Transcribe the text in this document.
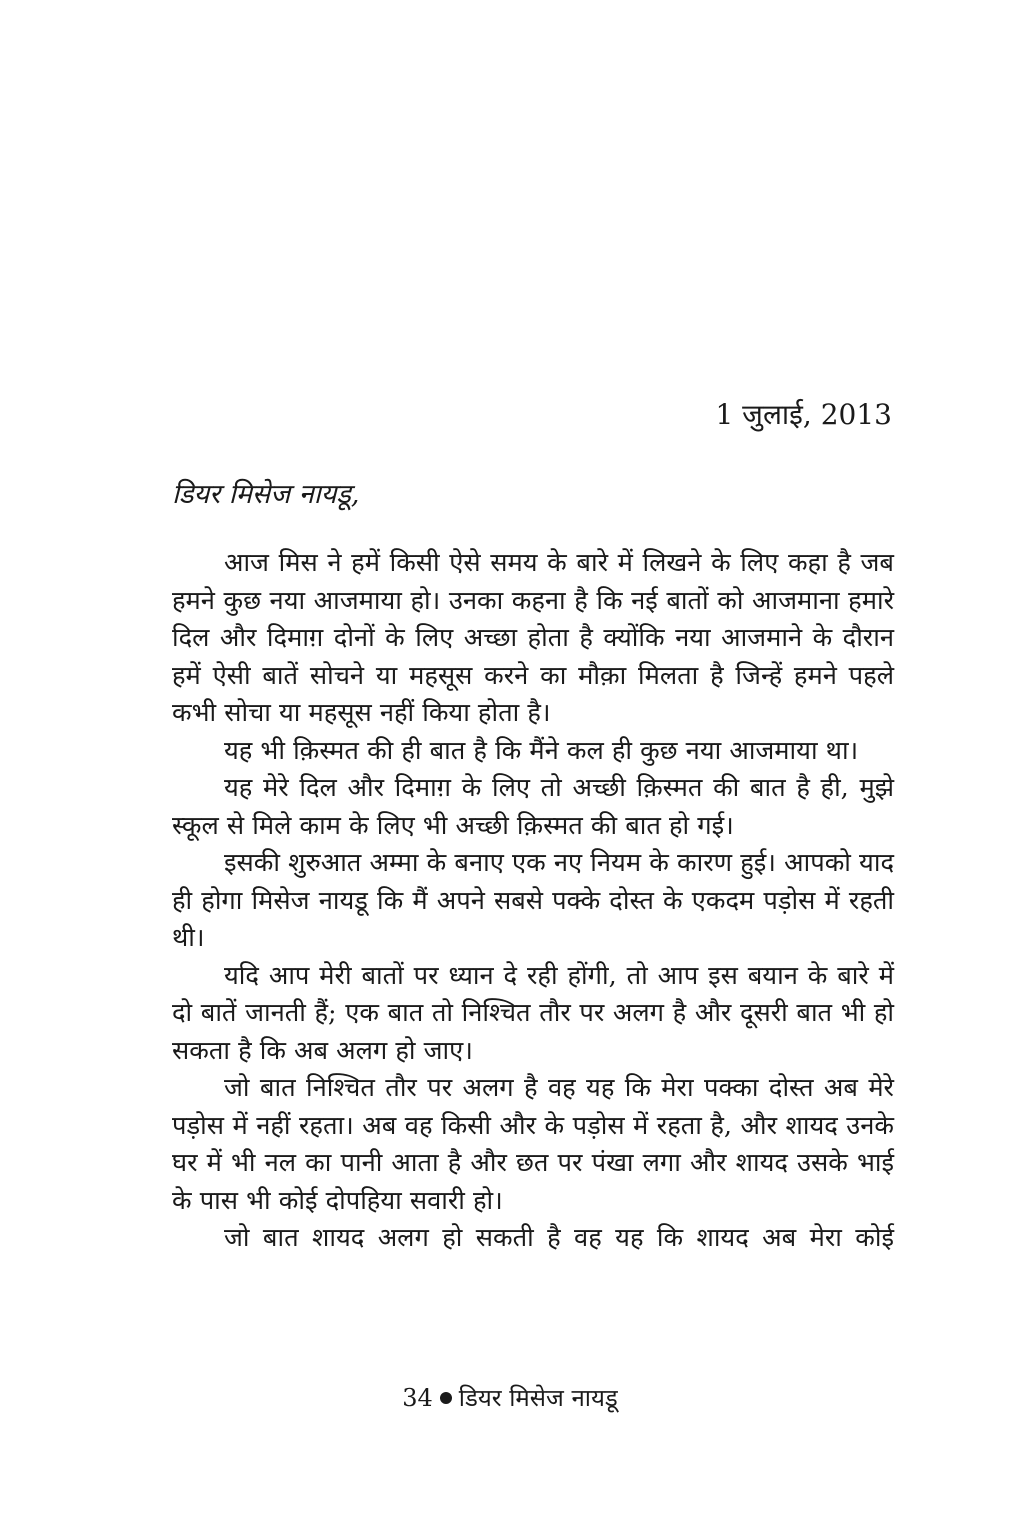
1 जुलाई, 2013
डियर मिसेज नायडू,

आज मिस ने हमें किसी ऐसे समय के बारे में लिखने के लिए कहा है जब हमने कुछ नया आजमाया हो। उनका कहना है कि नई बातों को आजमाना हमारे दिल और दिमाग़ दोनों के लिए अच्छा होता है क्योंकि नया आजमाने के दौरान हमें ऐसी बातें सोचने या महसूस करने का मौक़ा मिलता है जिन्हें हमने पहले कभी सोचा या महसूस नहीं किया होता है।

यह भी क़िस्मत की ही बात है कि मैंने कल ही कुछ नया आजमाया था।

यह मेरे दिल और दिमाग़ के लिए तो अच्छी क़िस्मत की बात है ही, मुझे स्कूल से मिले काम के लिए भी अच्छी क़िस्मत की बात हो गई।

इसकी शुरुआत अम्मा के बनाए एक नए नियम के कारण हुई। आपको याद ही होगा मिसेज नायडू कि मैं अपने सबसे पक्के दोस्त के एकदम पड़ोस में रहती थी।

यदि आप मेरी बातों पर ध्यान दे रही होंगी, तो आप इस बयान के बारे में दो बातें जानती हैं; एक बात तो निश्चित तौर पर अलग है और दूसरी बात भी हो सकता है कि अब अलग हो जाए।

जो बात निश्चित तौर पर अलग है वह यह कि मेरा पक्का दोस्त अब मेरे पड़ोस में नहीं रहता। अब वह किसी और के पड़ोस में रहता है, और शायद उनके घर में भी नल का पानी आता है और छत पर पंखा लगा और शायद उसके भाई के पास भी कोई दोपहिया सवारी हो।

जो बात शायद अलग हो सकती है वह यह कि शायद अब मेरा कोई

34 डियर मिसेज नायडू
